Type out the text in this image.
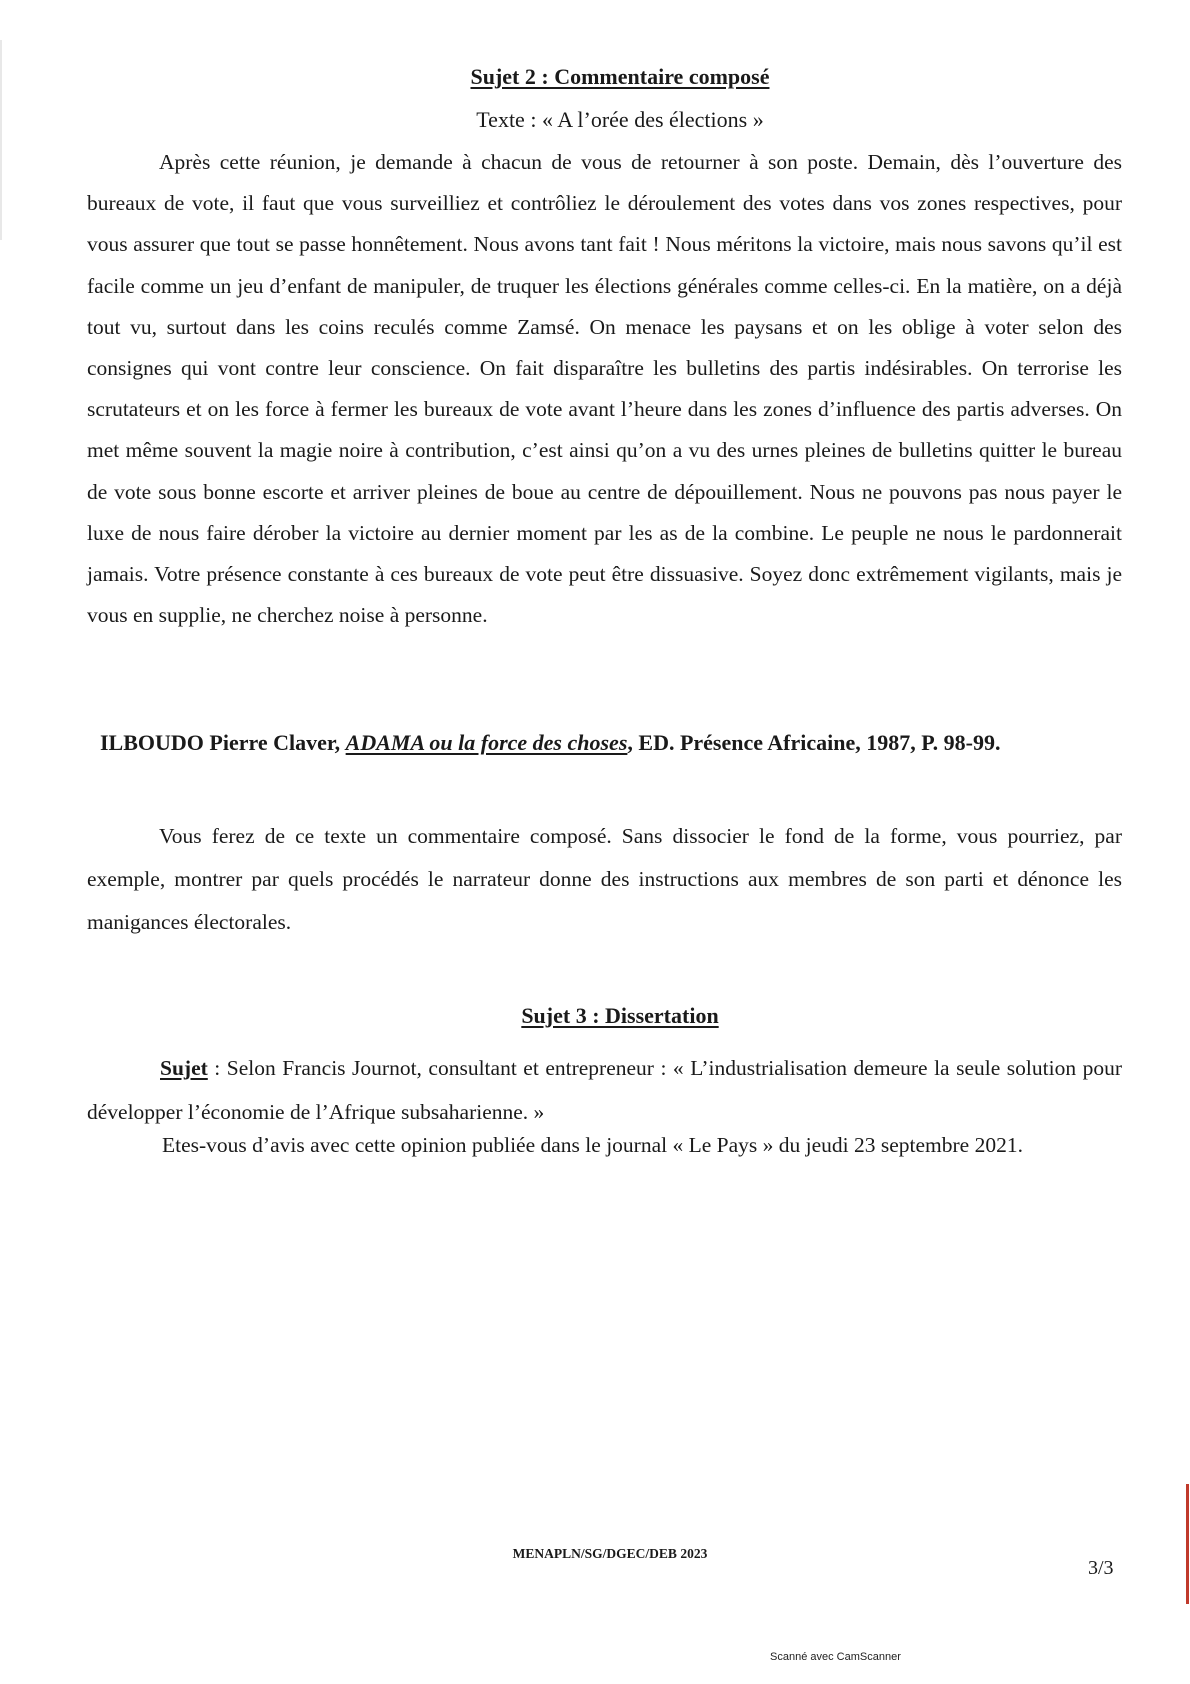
Sujet 2 : Commentaire composé
Texte : « A l’orée des élections »

Après cette réunion, je demande à chacun de vous de retourner à son poste. Demain, dès l’ouverture des bureaux de vote, il faut que vous surveilliez et contrôliez le déroulement des votes dans vos zones respectives, pour vous assurer que tout se passe honnêtement. Nous avons tant fait ! Nous méritons la victoire, mais nous savons qu’il est facile comme un jeu d’enfant de manipuler, de truquer les élections générales comme celles-ci. En la matière, on a déjà tout vu, surtout dans les coins reculés comme Zamsé. On menace les paysans et on les oblige à voter selon des consignes qui vont contre leur conscience. On fait disparaître les bulletins des partis indésirables. On terrorise les scrutateurs et on les force à fermer les bureaux de vote avant l’heure dans les zones d’influence des partis adverses. On met même souvent la magie noire à contribution, c’est ainsi qu’on a vu des urnes pleines de bulletins quitter le bureau de vote sous bonne escorte et arriver pleines de boue au centre de dépouillement. Nous ne pouvons pas nous payer le luxe de nous faire dérober la victoire au dernier moment par les as de la combine. Le peuple ne nous le pardonnerait jamais. Votre présence constante à ces bureaux de vote peut être dissuasive. Soyez donc extrêmement vigilants, mais je vous en supplie, ne cherchez noise à personne.

ILBOUDO Pierre Claver, ADAMA ou la force des choses, ED. Présence Africaine, 1987, P. 98-99.

Vous ferez de ce texte un commentaire composé. Sans dissocier le fond de la forme, vous pourriez, par exemple, montrer par quels procédés le narrateur donne des instructions aux membres de son parti et dénonce les manigances électorales.

Sujet 3 : Dissertation

Sujet : Selon Francis Journot, consultant et entrepreneur : « L’industrialisation demeure la seule solution pour développer l’économie de l’Afrique subsaharienne. »

Etes-vous d’avis avec cette opinion publiée dans le journal « Le Pays » du jeudi 23 septembre 2021.

MENAPLN/SG/DGEC/DEB 2023
3/3
Scanné avec CamScanner
